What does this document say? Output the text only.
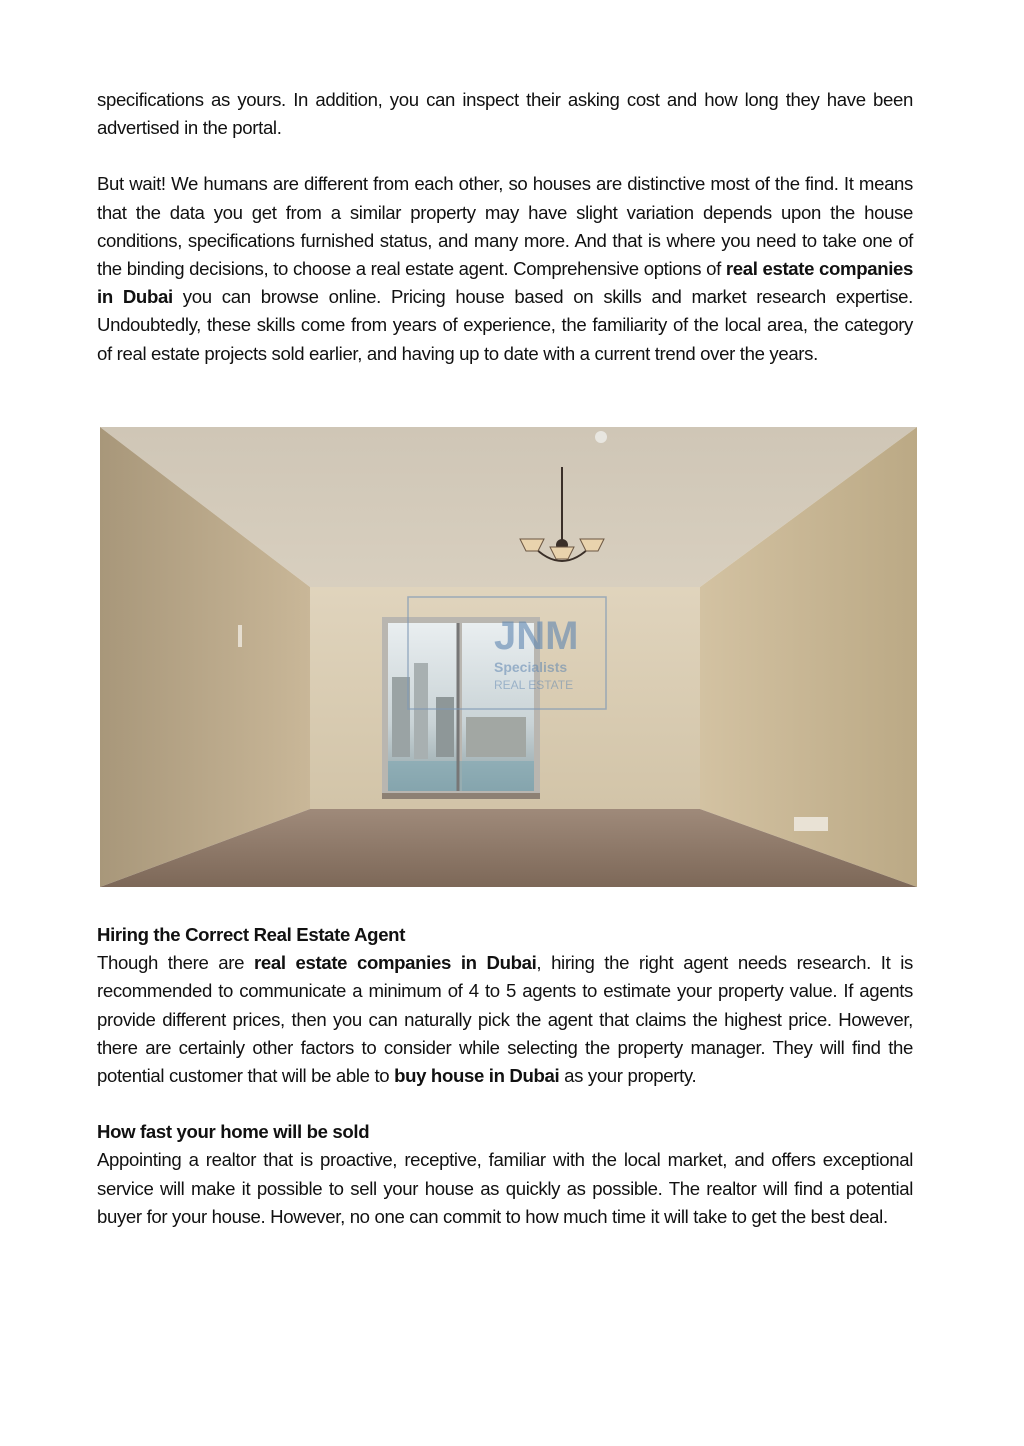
specifications as yours. In addition, you can inspect their asking cost and how long they have been advertised in the portal.

But wait! We humans are different from each other, so houses are distinctive most of the find. It means that the data you get from a similar property may have slight variation depends upon the house conditions, specifications furnished status, and many more. And that is where you need to take one of the binding decisions, to choose a real estate agent. Comprehensive options of real estate companies in Dubai you can browse online. Pricing house based on skills and market research expertise. Undoubtedly, these skills come from years of experience, the familiarity of the local area, the category of real estate projects sold earlier, and having up to date with a current trend over the years.

JNM
Specialists
REAL ESTATE

Hiring the Correct Real Estate Agent

Though there are real estate companies in Dubai, hiring the right agent needs research. It is recommended to communicate a minimum of 4 to 5 agents to estimate your property value. If agents provide different prices, then you can naturally pick the agent that claims the highest price. However, there are certainly other factors to consider while selecting the property manager. They will find the potential customer that will be able to buy house in Dubai as your property.

How fast your home will be sold

Appointing a realtor that is proactive, receptive, familiar with the local market, and offers exceptional service will make it possible to sell your house as quickly as possible. The realtor will find a potential buyer for your house. However, no one can commit to how much time it will take to get the best deal.
